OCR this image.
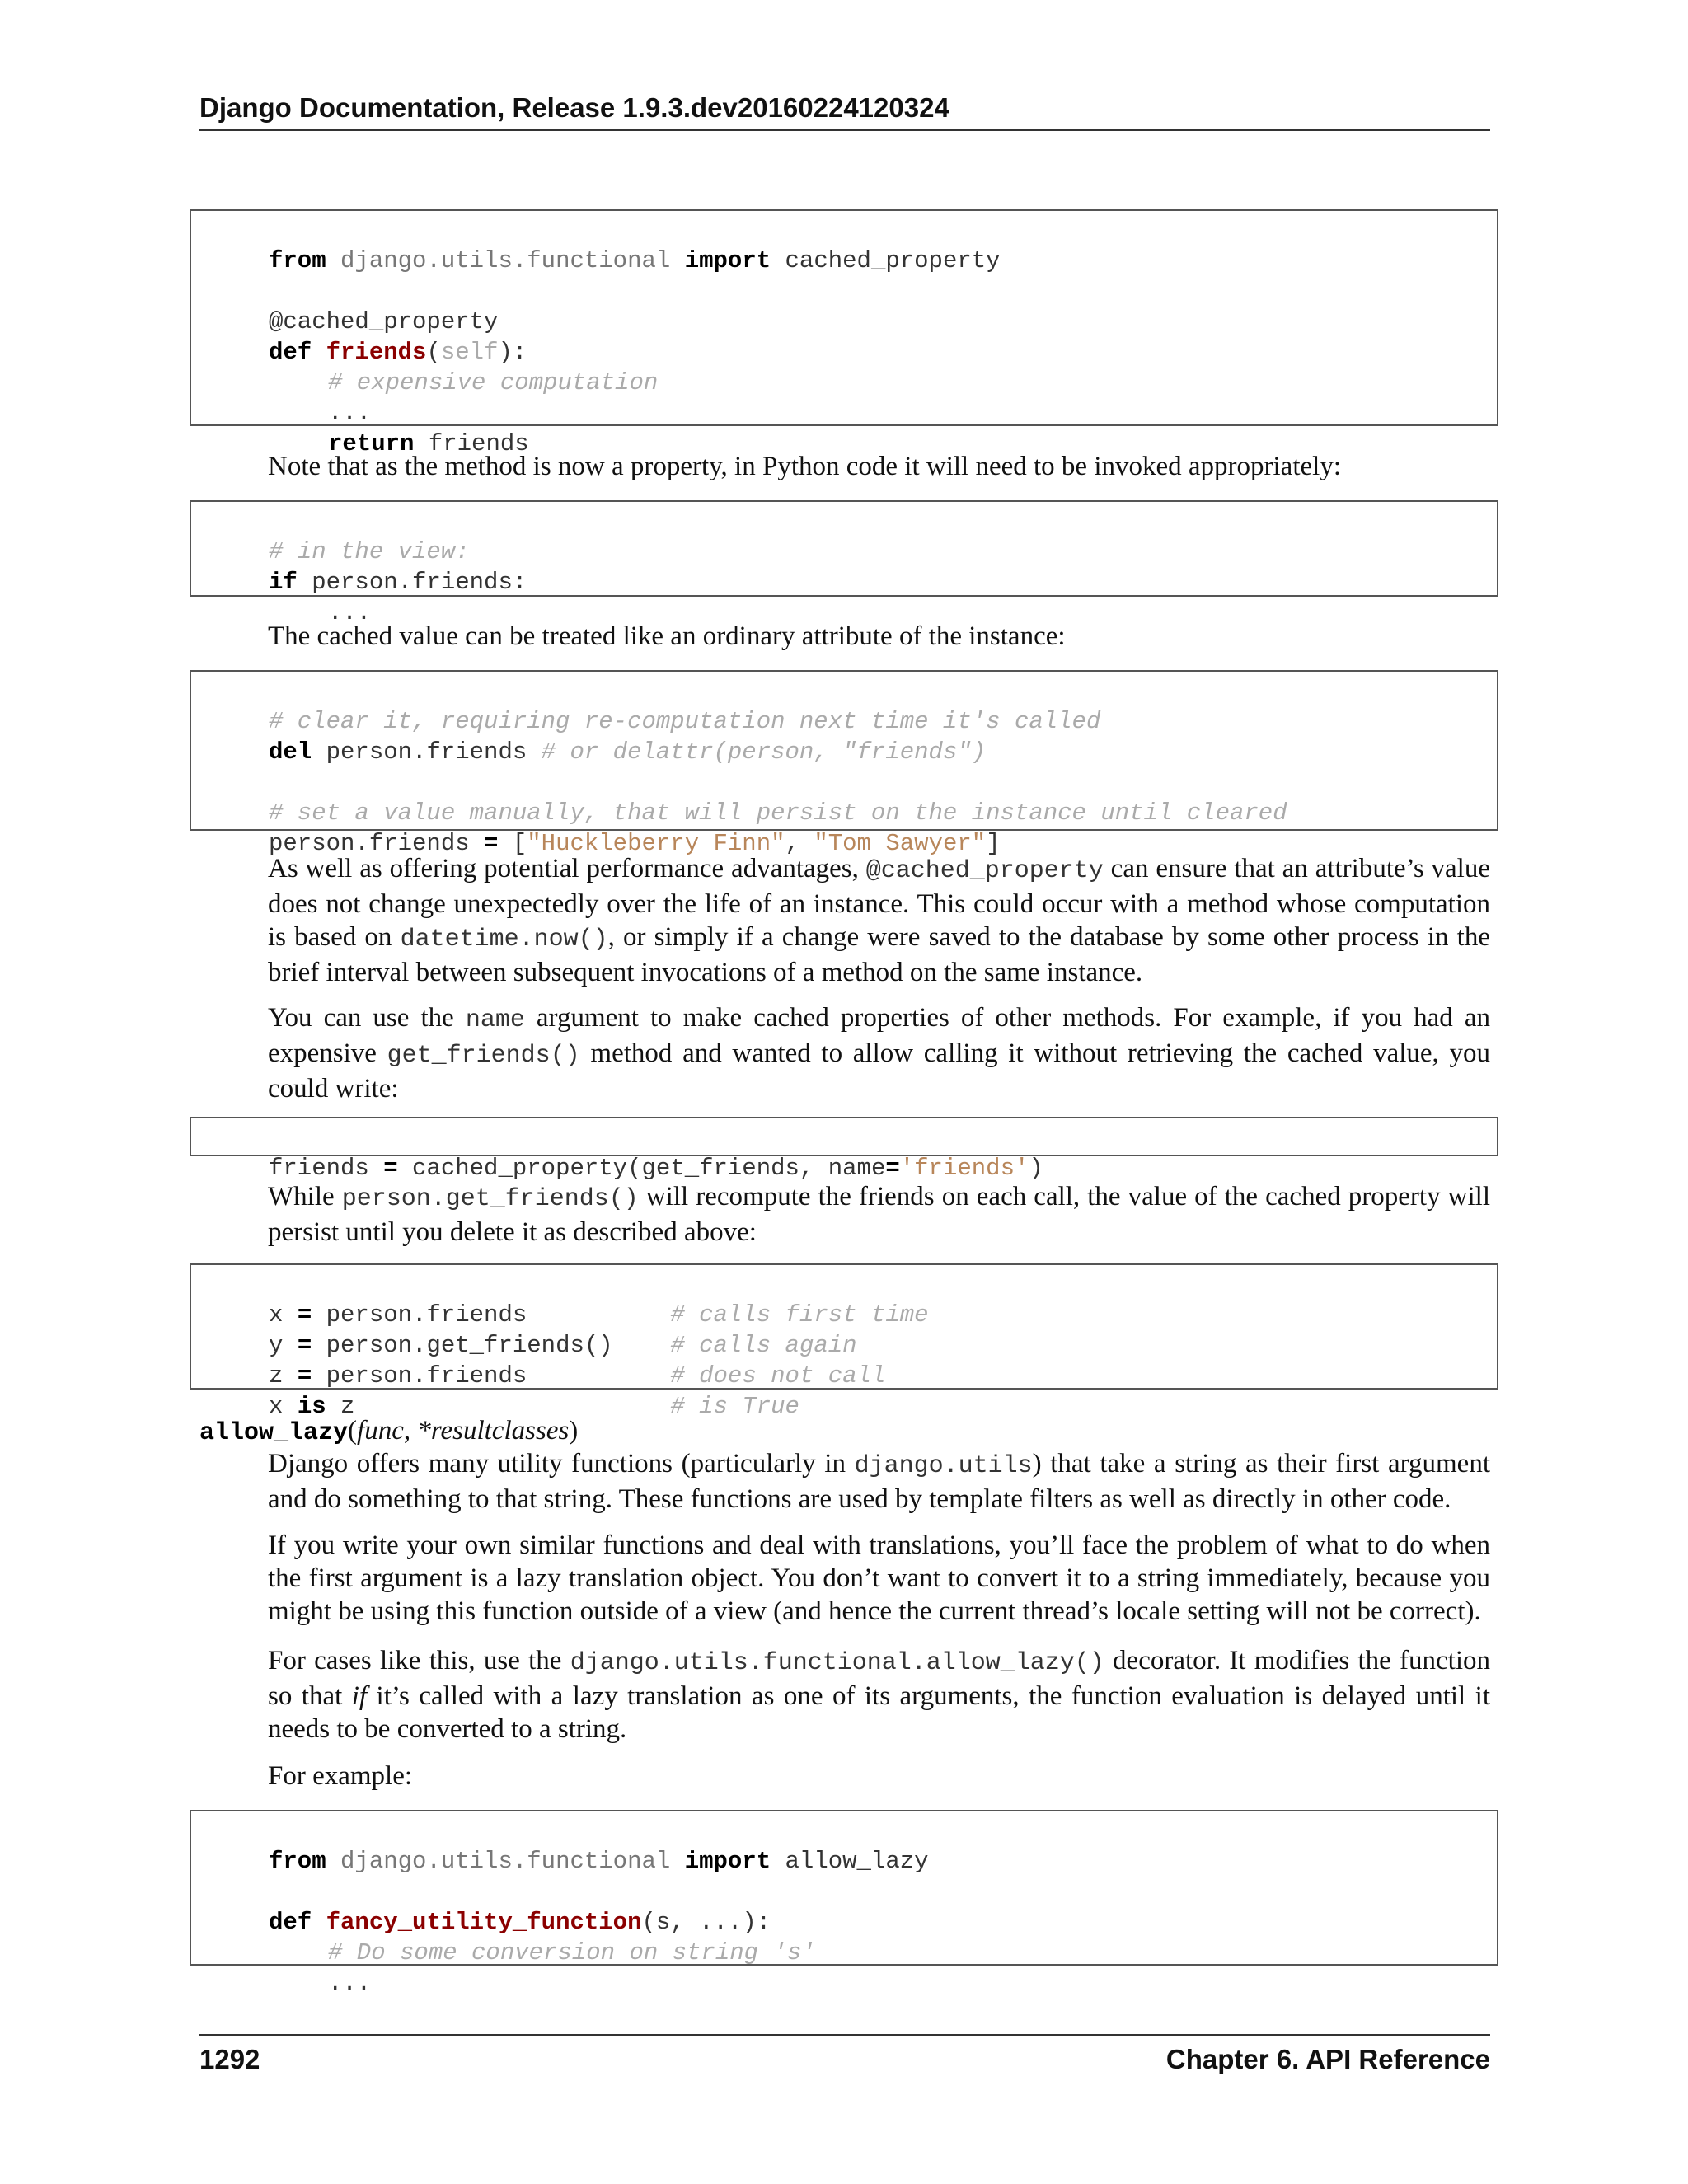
Django Documentation, Release 1.9.3.dev20160224120324

from django.utils.functional import cached_property

@cached_property
def friends(self):
# expensive computation
...
return friends
Note that as the method is now a property, in Python code it will need to be invoked appropriately:

# in the view:
if person.friends:
...
The cached value can be treated like an ordinary attribute of the instance:

# clear it, requiring re-computation next time it's called
del person.friends # or delattr(person, "friends")

# set a value manually, that will persist on the instance until cleared
person.friends = ["Huckleberry Finn", "Tom Sawyer"]
As well as offering potential performance advantages, @cached_property can ensure that an attribute’s value does not change unexpectedly over the life of an instance. This could occur with a method whose computation is based on datetime.now(), or simply if a change were saved to the database by some other process in the brief interval between subsequent invocations of a method on the same instance.
You can use the name argument to make cached properties of other methods. For example, if you had an expensive get_friends() method and wanted to allow calling it without retrieving the cached value, you could write:

friends = cached_property(get_friends, name='friends')
While person.get_friends() will recompute the friends on each call, the value of the cached property will persist until you delete it as described above:

x = person.friends          # calls first time
y = person.get_friends()    # calls again
z = person.friends          # does not call
x is z                      # is True
allow_lazy(func, *resultclasses)
Django offers many utility functions (particularly in django.utils) that take a string as their first argument and do something to that string. These functions are used by template filters as well as directly in other code.
If you write your own similar functions and deal with translations, you’ll face the problem of what to do when the first argument is a lazy translation object. You don’t want to convert it to a string immediately, because you might be using this function outside of a view (and hence the current thread’s locale setting will not be correct).
For cases like this, use the django.utils.functional.allow_lazy() decorator. It modifies the function so that if it’s called with a lazy translation as one of its arguments, the function evaluation is delayed until it needs to be converted to a string.
For example:

from django.utils.functional import allow_lazy

def fancy_utility_function(s, ...):
# Do some conversion on string 's'
...
1292	Chapter 6. API Reference
